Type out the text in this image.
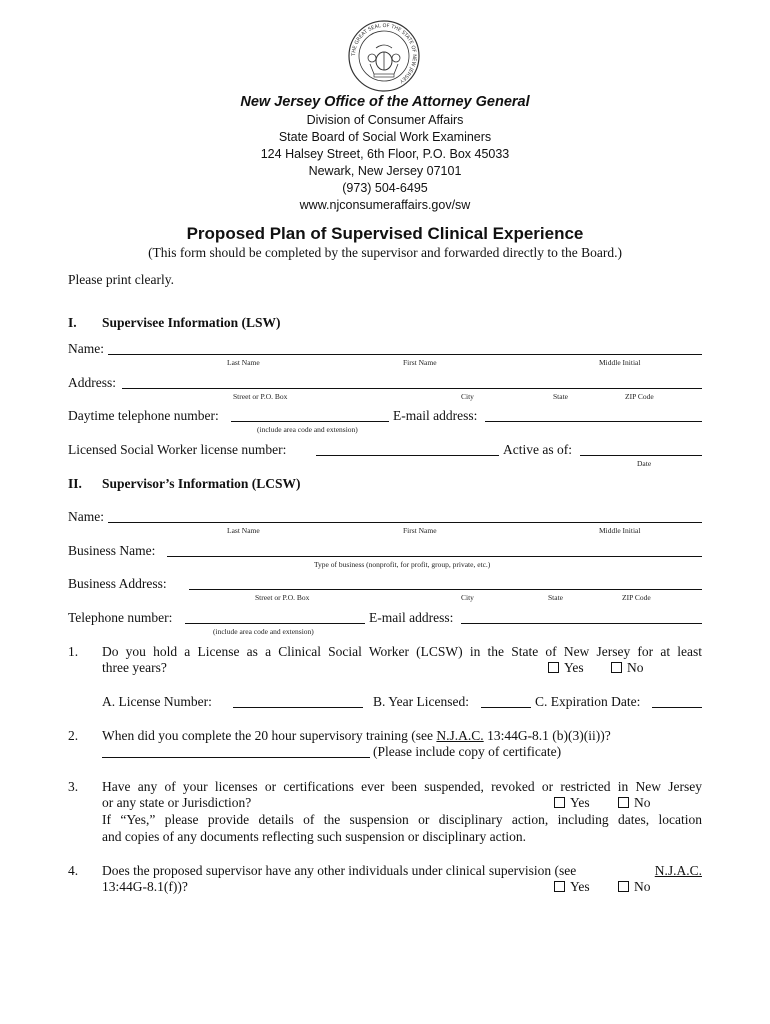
THE GREAT SEAL OF THE STATE OF NEW JERSEY
New Jersey Office of the Attorney General
Division of Consumer Affairs
State Board of Social Work Examiners
124 Halsey Street, 6th Floor, P.O. Box 45033
Newark, New Jersey 07101
(973) 504-6495
www.njconsumeraffairs.gov/sw
Proposed Plan of Supervised Clinical Experience
(This form should be completed by the supervisor and forwarded directly to the Board.)
Please print clearly.
I. Supervisee Information (LSW)
Name:
Last Name	First Name	Middle Initial
Address:
Street or P.O. Box	City	State	ZIP Code
Daytime telephone number:
(include area code and extension)
E-mail address:
Licensed Social Worker license number:	Active as of:
Date
II. Supervisor’s Information (LCSW)
Name:
Last Name	First Name	Middle Initial
Business Name:
Type of business (nonprofit, for profit, group, private, etc.)
Business Address:
Street or P.O. Box	City	State	ZIP Code
Telephone number:
(include area code and extension)
E-mail address:
1. Do you hold a License as a Clinical Social Worker (LCSW) in the State of New Jersey for at least
three years?	Yes	No
A. License Number:	B. Year Licensed:	C. Expiration Date:
2. When did you complete the 20 hour supervisory training (see N.J.A.C. 13:44G-8.1 (b)(3)(ii))?
(Please include copy of certificate)
3. Have any of your licenses or certifications ever been suspended, revoked or restricted in New Jersey
or any state or Jurisdiction?	Yes	No
If “Yes,” please provide details of the suspension or disciplinary action, including dates, location
and copies of any documents reflecting such suspension or disciplinary action.
4. Does the proposed supervisor have any other individuals under clinical supervision (see	N.J.A.C.
13:44G-8.1(f))?	Yes	No
